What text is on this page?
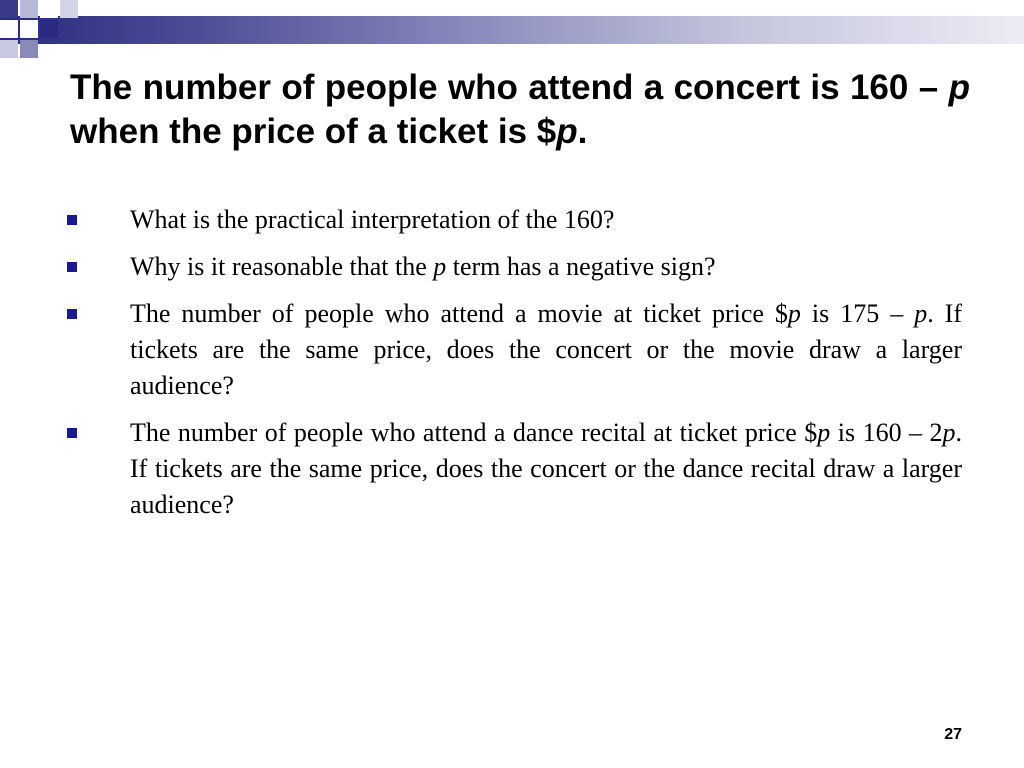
The number of people who attend a concert is 160 – p when the price of a ticket is $p.
What is the practical interpretation of the 160?
Why is it reasonable that the p term has a negative sign?
The number of people who attend a movie at ticket price $p is 175 – p. If tickets are the same price, does the concert or the movie draw a larger audience?
The number of people who attend a dance recital at ticket price $p is 160 – 2p. If tickets are the same price, does the concert or the dance recital draw a larger audience?
27
